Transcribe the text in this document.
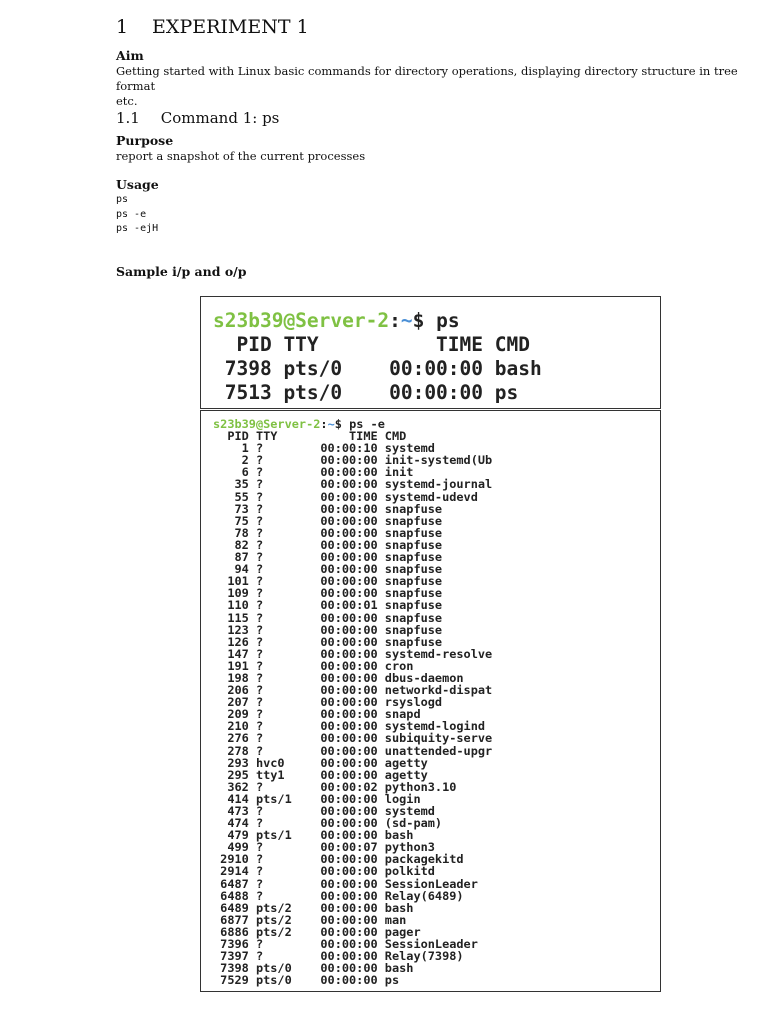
1 EXPERIMENT 1
Aim
Getting started with Linux basic commands for directory operations, displaying directory structure in tree format
etc.
1.1 Command 1: ps
Purpose
report a snapshot of the current processes
Usage
ps
ps -e
ps -ejH
Sample i/p and o/p
s23b39@Server-2:~$ ps
PID TTY          TIME CMD
7398 pts/0    00:00:00 bash
7513 pts/0    00:00:00 ps
s23b39@Server-2:~$ ps -e
PID TTY          TIME CMD
1 ?        00:00:10 systemd
2 ?        00:00:00 init-systemd(Ub
6 ?        00:00:00 init
35 ?        00:00:00 systemd-journal
55 ?        00:00:00 systemd-udevd
73 ?        00:00:00 snapfuse
75 ?        00:00:00 snapfuse
78 ?        00:00:00 snapfuse
82 ?        00:00:00 snapfuse
87 ?        00:00:00 snapfuse
94 ?        00:00:00 snapfuse
101 ?        00:00:00 snapfuse
109 ?        00:00:00 snapfuse
110 ?        00:00:01 snapfuse
115 ?        00:00:00 snapfuse
123 ?        00:00:00 snapfuse
126 ?        00:00:00 snapfuse
147 ?        00:00:00 systemd-resolve
191 ?        00:00:00 cron
198 ?        00:00:00 dbus-daemon
206 ?        00:00:00 networkd-dispat
207 ?        00:00:00 rsyslogd
209 ?        00:00:00 snapd
210 ?        00:00:00 systemd-logind
276 ?        00:00:00 subiquity-serve
278 ?        00:00:00 unattended-upgr
293 hvc0     00:00:00 agetty
295 tty1     00:00:00 agetty
362 ?        00:00:02 python3.10
414 pts/1    00:00:00 login
473 ?        00:00:00 systemd
474 ?        00:00:00 (sd-pam)
479 pts/1    00:00:00 bash
499 ?        00:00:07 python3
2910 ?        00:00:00 packagekitd
2914 ?        00:00:00 polkitd
6487 ?        00:00:00 SessionLeader
6488 ?        00:00:00 Relay(6489)
6489 pts/2    00:00:00 bash
6877 pts/2    00:00:00 man
6886 pts/2    00:00:00 pager
7396 ?        00:00:00 SessionLeader
7397 ?        00:00:00 Relay(7398)
7398 pts/0    00:00:00 bash
7529 pts/0    00:00:00 ps
